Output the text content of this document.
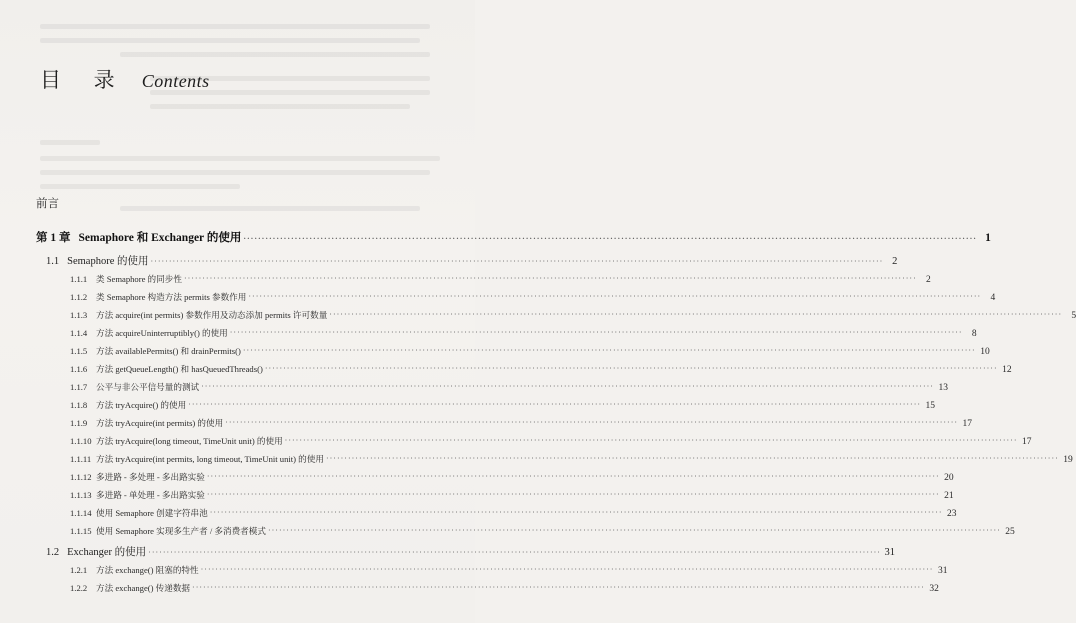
目 录 Contents
前言
第 1 章 Semaphore 和 Exchanger 的使用 ········································································································································································································ 1
1.1 Semaphore 的使用 ········································································································································································································ 2
1.1.1	类 Semaphore 的同步性 ········································································································································································································ 2
1.1.2	类 Semaphore 构造方法 permits 参数作用 ········································································································································································································ 4
1.1.3	方法 acquire(int permits) 参数作用及动态添加 permits 许可数量 ········································································································································································································ 5
1.1.4	方法 acquireUninterruptibly() 的使用 ········································································································································································································ 8
1.1.5	方法 availablePermits() 和 drainPermits() ········································································································································································································ 10
1.1.6	方法 getQueueLength() 和 hasQueuedThreads() ········································································································································································································ 12
1.1.7	公平与非公平信号量的测试 ········································································································································································································ 13
1.1.8	方法 tryAcquire() 的使用 ········································································································································································································ 15
1.1.9	方法 tryAcquire(int permits) 的使用 ········································································································································································································ 17
1.1.10 方法 tryAcquire(long timeout, TimeUnit unit) 的使用 ········································································································································································································ 17
1.1.11 方法 tryAcquire(int permits, long timeout, TimeUnit unit) 的使用 ········································································································································································································ 19
1.1.12 多进路 - 多处理 - 多出路实验 ········································································································································································································ 20
1.1.13 多进路 - 单处理 - 多出路实验 ········································································································································································································ 21
1.1.14 使用 Semaphore 创建字符串池 ········································································································································································································ 23
1.1.15 使用 Semaphore 实现多生产者 / 多消费者模式 ········································································································································································································ 25
1.2 Exchanger 的使用 ········································································································································································································ 31
1.2.1	方法 exchange() 阻塞的特性 ········································································································································································································ 31
1.2.2	方法 exchange() 传递数据 ········································································································································································································ 32
